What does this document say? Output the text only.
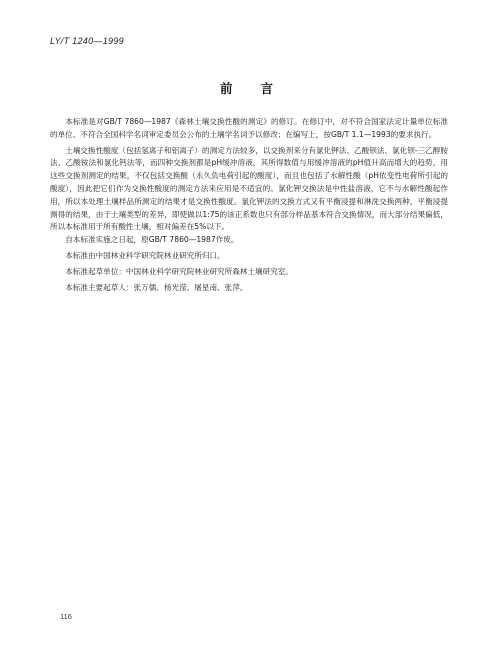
LY/T 1240—1999
前言

本标准是对GB/T 7860—1987《森林土壤交换性酸的测定》的修订。在修订中，对不符合国家法定计量单位标准的单位、不符合全国科学名词审定委员会公布的土壤学名词予以修改；在编写上，按GB/T 1.1—1993的要求执行。

土壤交换性酸度（包括氢离子和铝离子）的测定方法较多，以交换剂来分有氯化钾法、乙酸钡法、氯化钡-三乙醇胺法、乙酸铵法和氯化钙法等，而四种交换剂都是pH缓冲溶液，其所得数值与用缓冲溶液的pH值升高而增大的趋势，用这些交换剂测定的结果，不仅包括交换酸（永久负电荷引起的酸度），而且也包括了水解性酸（pH依变性电荷所引起的酸度），因此把它们作为交换性酸度的测定方法来应用是不适宜的。氯化钾交换法是中性盐溶液，它不与水解性酸起作用，所以本处理土壤样品所测定的结果才是交换性酸度。氯化钾法的交换方式又有平衡浸提和淋洗交换两种，平衡浸提测得的结果，由于土壤类型的差异，即使做以1:75的该正系数也只有部分样品基本符合交换情况，而大部分结果偏低，所以本标准用于所有酸性土壤，相对偏差在5%以下。

自本标准实施之日起，原GB/T 7860—1987作废。

本标准由中国林业科学研究院林业研究所归口。

本标准起草单位：中国林业科学研究院林业研究所森林土壤研究室。

本标准主要起草人：张万儒、杨光滢、屠星南、张萍。

116
